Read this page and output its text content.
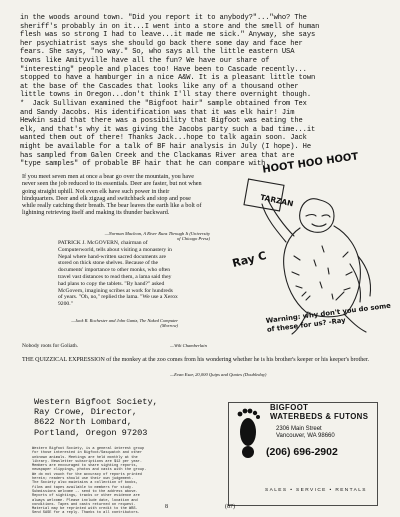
in the woods around town. "Did you report it to anybody?"..."who? The
sheriff's probably in on it...I went into a store and the smell of human
flesh was so strong I had to leave...it made me sick." Anyway, she says
her psychiatrist says she should go back there some day and face her
fears. She says, "no way." So, who says all the little eastern USA
towns like Amityville have all the fun? We have our share of
"interesting" people and places too! Have been to Cascade recently...
stopped to have a hamburger in a nice A&W. It is a pleasant little town
at the base of the Cascades that looks like any of a thousand other
little towns in Oregon...don't think I'll stay there overnight though.
*  Jack Sullivan examined the "Bigfoot hair" sample obtained from Tex
and Sandy Jacobs. His identification was that it was elk hair! Jim
Hewkin said that there was a possibility that Bigfoot was eating the
elk, and that's why it was giving the Jacobs party such a bad time...it
wanted them out of there! Thanks Jack...hope to talk again soon. Jack
might be available for a talk of BF hair analysis in July (I hope). He
has sampled from Galen Creek and the Clackamas River area that are
"type samples" of probable BF hair that he can compare with.
If you meet seven men at once a bear go over the mountain, you have never seen the job reduced to its essentials. Deer are faster, but not when going straight uphill. Not even elk have such power in their hindquarters. Deer and elk zigzag and switchback and stop and pose while really catching their breath. The bear leaves the earth like a bolt of lightning retrieving itself and making its thunder backward.
—Norman Maclean, A River Runs Through It (University of Chicago Press)
PATRICK J. McGOVERN, chairman of Computerworld, tells about visiting a monastery in Nepal where hand-written sacred documents are stored on thick stone shelves. Because of the documents' importance to other monks, who often travel vast distances to read them, a lama said they had plans to copy the tablets. "By hand?" asked McGovern, imagining scribes at work for hundreds of years. "Oh, no," replied the lama. "We use a Xerox 9200."
—Jack R. Rochester and John Gantz, The Naked Computer (Morrow)
Nobody roots for Goliath.	—Wilt Chamberlain
THE QUIZZICAL EXPRESSION of the monkey at the zoo comes from his wondering whether he is his brother's keeper or his keeper's brother.
—Evan Esar, 20,000 Quips and Quotes (Doubleday)
HOOT HOO HOOT
TARZAN
Ray C
Warning: why don't you do some of these for us? -Ray
Western Bigfoot Society,
Ray Crowe, Director,
8622 North Lombard,
Portland, Oregon 97203
Western Bigfoot Society, is a general interest group
for those interested in Bigfoot/Sasquatch and other
unknown animals. Meetings are held monthly at the
library. Newsletter subscriptions are $12 per year.
Members are encouraged to share sighting reports,
newspaper clippings, photos and casts with the group.
We do not vouch for the accuracy of reports printed
herein; readers should use their own judgement.
The Society also maintains a collection of books,
films and tapes available to members for study.
Submissions welcome -- send to the address above.
Reports of sightings, tracks or other evidence are
always welcome. Please include date, location and
conditions. Tapes and casts returned on request.
Material may be reprinted with credit to the WBS.
Send SASE for a reply. Thanks to all contributors.
BIGFOOT
WATERBEDS & FUTONS
2306 Main Street
Vancouver, WA 98660
(206) 696-2902
SALES • SERVICE • RENTALS
8	(87)
